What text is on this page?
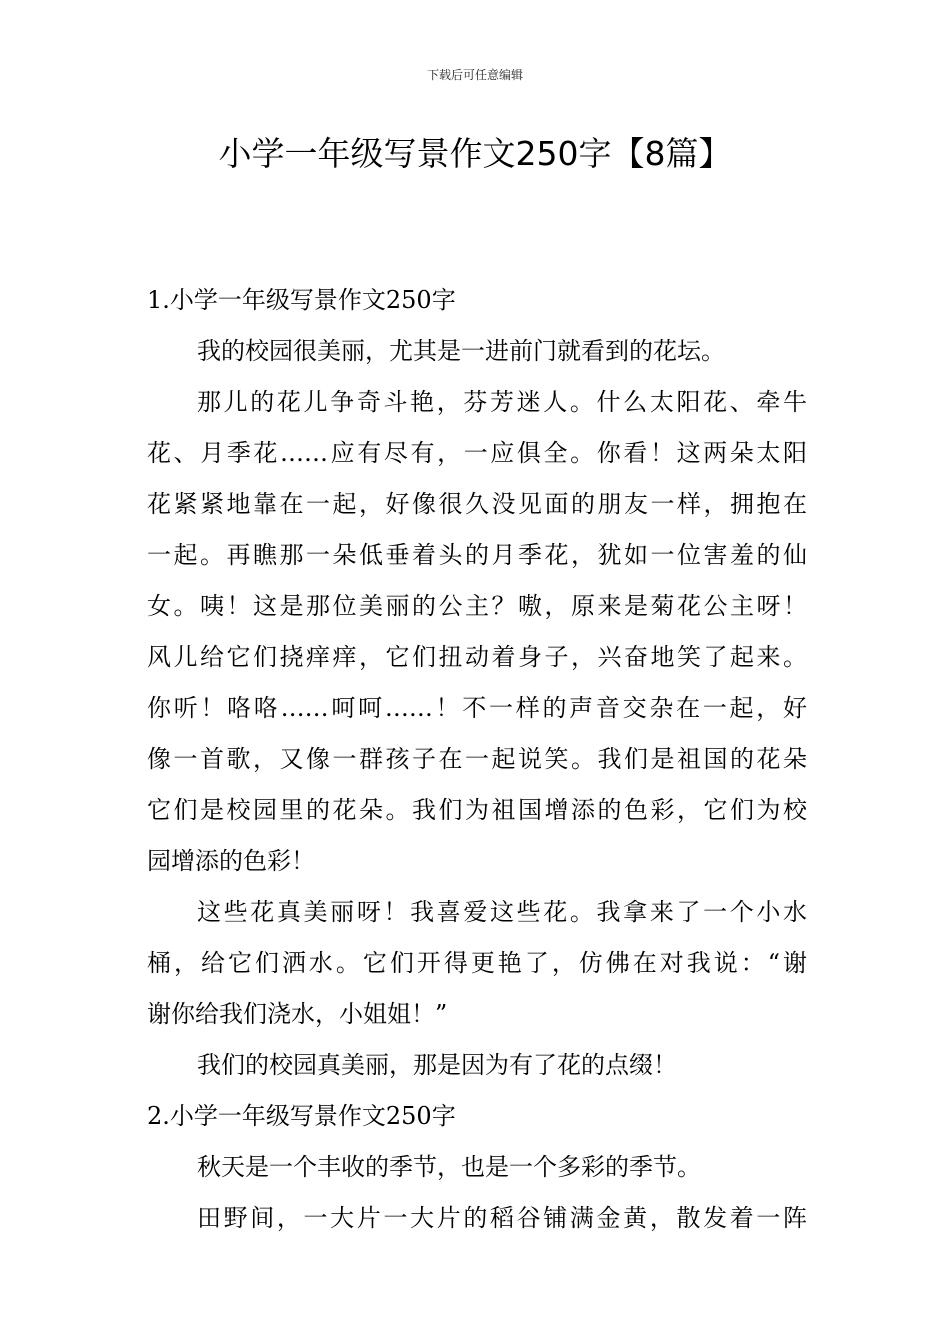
下载后可任意编辑
小学一年级写景作文250字【8篇】
1.小学一年级写景作文250字
我的校园很美丽，尤其是一进前门就看到的花坛。
那儿的花儿争奇斗艳，芬芳迷人。什么太阳花、牵牛
花、月季花……应有尽有，一应俱全。你看！这两朵太阳
花紧紧地靠在一起，好像很久没见面的朋友一样，拥抱在
一起。再瞧那一朵低垂着头的月季花，犹如一位害羞的仙
女。咦！这是那位美丽的公主？嗷，原来是菊花公主呀！
风儿给它们挠痒痒，它们扭动着身子，兴奋地笑了起来。
你听！咯咯……呵呵……！不一样的声音交杂在一起，好
像一首歌，又像一群孩子在一起说笑。我们是祖国的花朵
它们是校园里的花朵。我们为祖国增添的色彩，它们为校
园增添的色彩！
这些花真美丽呀！我喜爱这些花。我拿来了一个小水
桶，给它们洒水。它们开得更艳了，仿佛在对我说：“谢
谢你给我们浇水，小姐姐！”
我们的校园真美丽，那是因为有了花的点缀！
2.小学一年级写景作文250字
秋天是一个丰收的季节，也是一个多彩的季节。
田野间，一大片一大片的稻谷铺满金黄，散发着一阵
